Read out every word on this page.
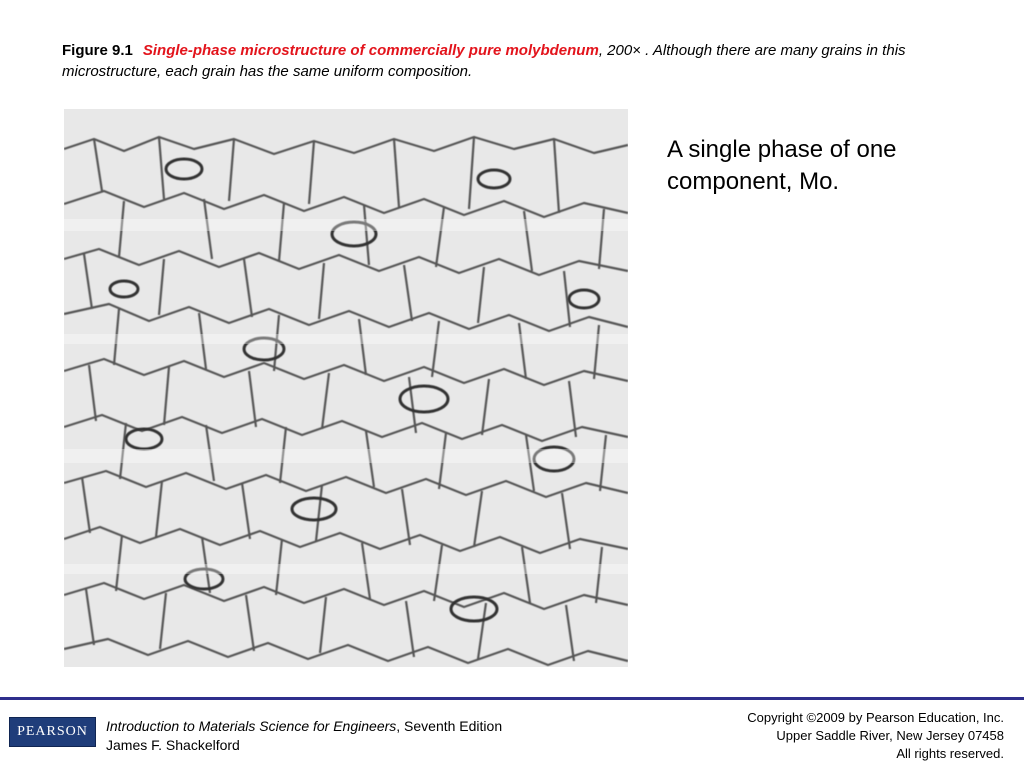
Figure 9.1 Single-phase microstructure of commercially pure molybdenum, 200× . Although there are many grains in this microstructure, each grain has the same uniform composition.
A single phase of one component, Mo.
PEARSON Introduction to Materials Science for Engineers, Seventh Edition
James F. Shackelford
Copyright ©2009 by Pearson Education, Inc.
Upper Saddle River, New Jersey 07458
All rights reserved.
